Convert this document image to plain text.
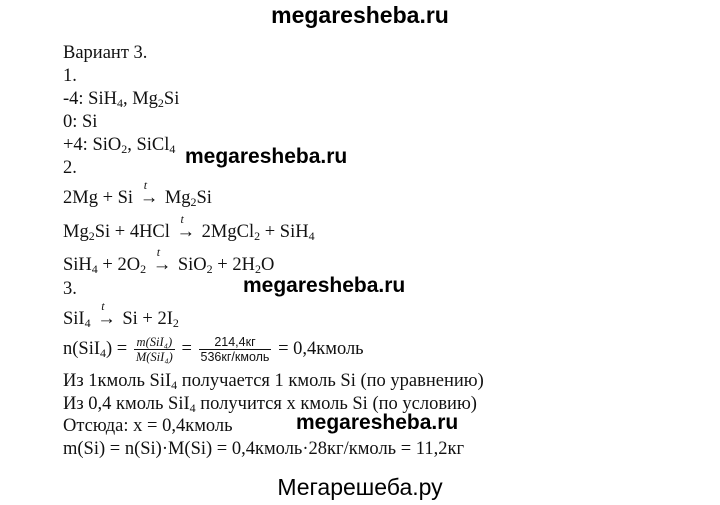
megaresheba.ru
Вариант 3.
1.
-4: SiH$_4$, $Mg_2Si$
0: Si
+4: SiO$_2$, SiCl$_4$ megaresheba.ru
2.
2Mg + Si
t
→ $Mg_2Si$
$Mg_2Si + 4HCl$
t
→ 2MgCl$_2$ + SiH$_4$
$SiH_4 + 2O_2$
t
→ $SiO_2 + 2H_2O$
megaresheba.ru
3.
SiI$_4$
t
→ $Si + 2I_2$
$n(SiI_4) = \frac{\text{m(SiI₄)}}{\text{M(SiI₄)}} = \frac{214,4кг}{\text{536кг/кмоль}}$ = 0,4кмоль
Из 1кмоль SiI$_4$ получается 1 кмоль Si (по уравнению)
Из 0,4 кмоль SiI$_4$ получится x кмоль Si (по условию)
Отсюда: x = 0,4кмоль	megaresheba.ru
m(Si) = n(Si)·M(Si) = 0,4кмоль·28кг/кмоль = 11,2кг
Мегарешеба.ру
